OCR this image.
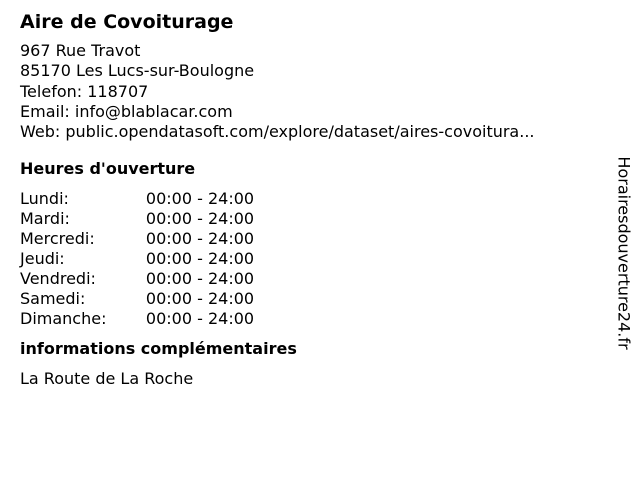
Aire de Covoiturage
967 Rue Travot
85170 Les Lucs-sur-Boulogne
Telefon: 118707
Email: info@blablacar.com
Web: public.opendatasoft.com/explore/dataset/aires-covoitura...
Heures d'ouverture
Lundi:	00:00 - 24:00
Mardi:	00:00 - 24:00
Mercredi:	00:00 - 24:00
Jeudi:	00:00 - 24:00
Vendredi:	00:00 - 24:00
Samedi:	00:00 - 24:00
Dimanche:	00:00 - 24:00
informations complémentaires
La Route de La Roche
Horairesdouverture24.fr
